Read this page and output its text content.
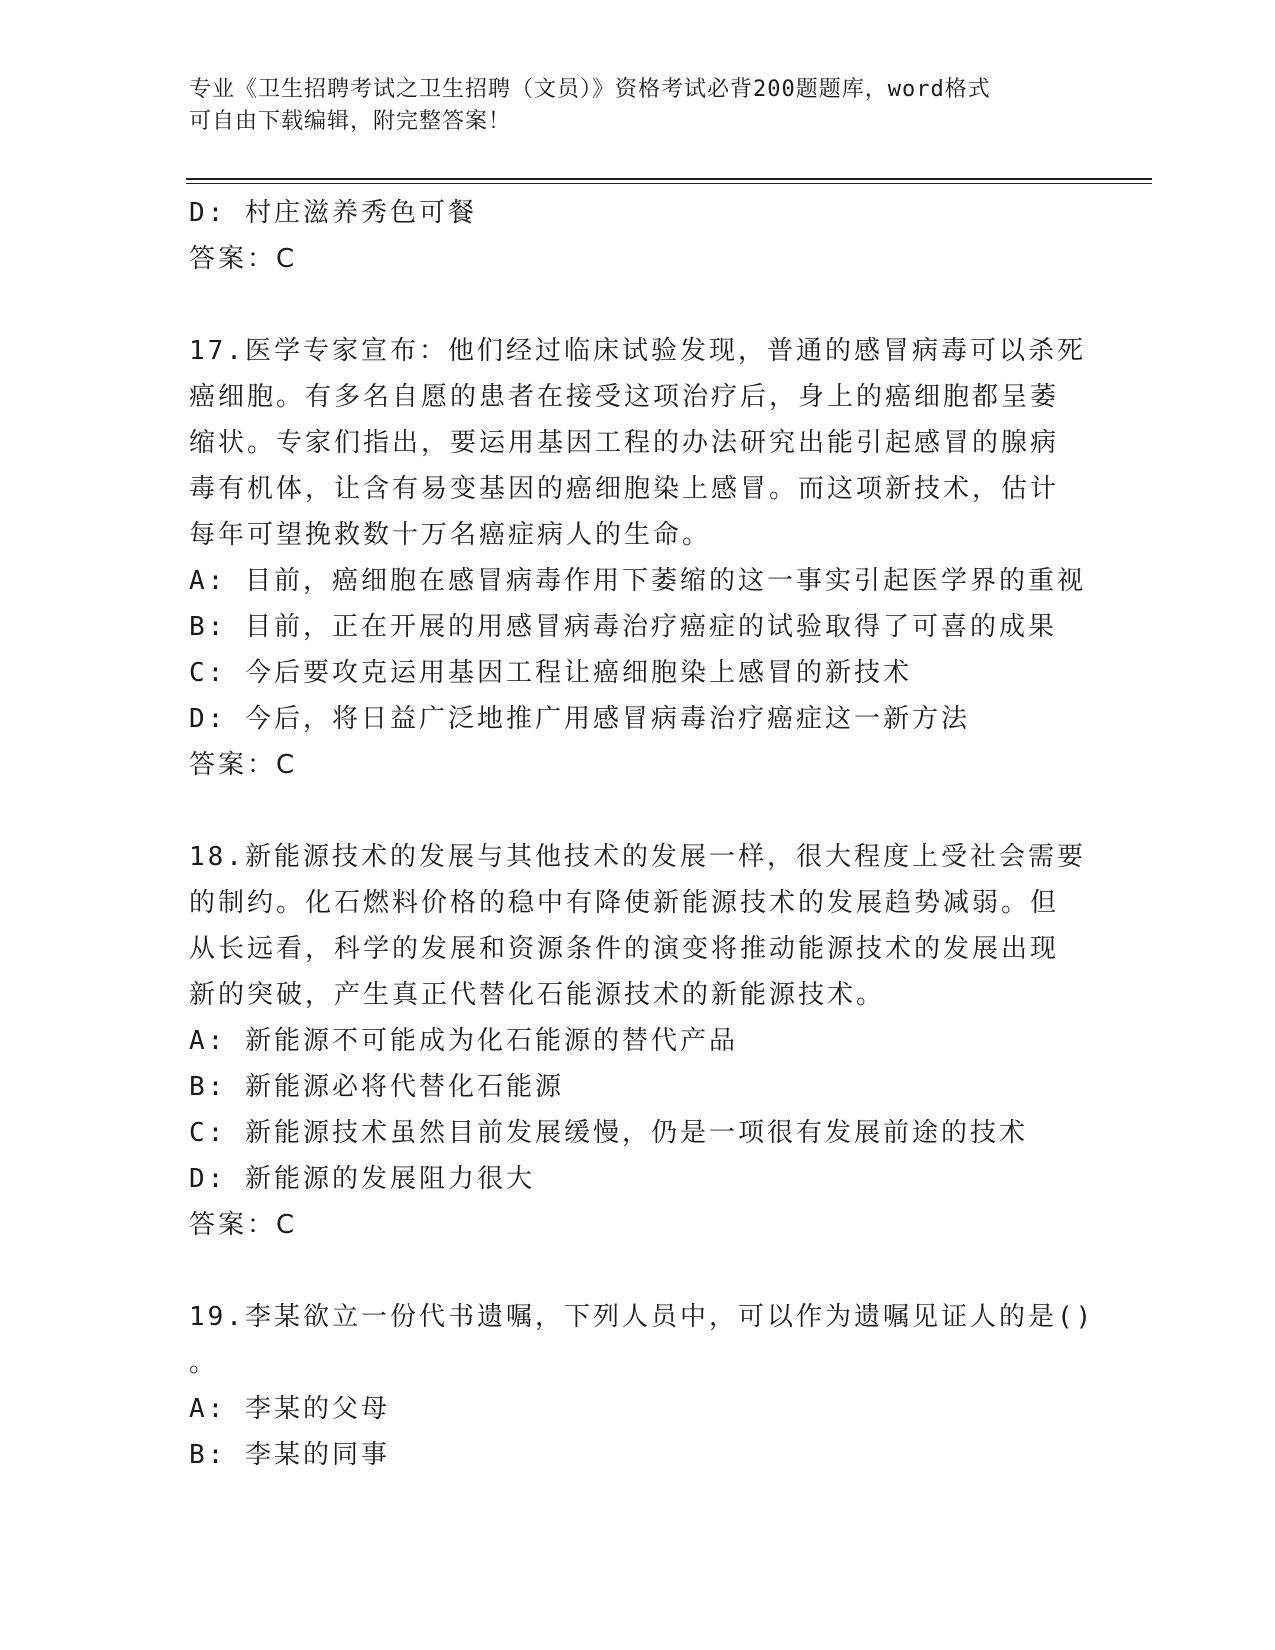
专业《卫生招聘考试之卫生招聘（文员）》资格考试必背200题题库，word格式
可自由下载编辑，附完整答案！
D: 村庄滋养秀色可餐
答案：C
17.医学专家宣布：他们经过临床试验发现，普通的感冒病毒可以杀死
癌细胞。有多名自愿的患者在接受这项治疗后，身上的癌细胞都呈萎
缩状。专家们指出，要运用基因工程的办法研究出能引起感冒的腺病
毒有机体，让含有易变基因的癌细胞染上感冒。而这项新技术，估计
每年可望挽救数十万名癌症病人的生命。
A: 目前，癌细胞在感冒病毒作用下萎缩的这一事实引起医学界的重视
B: 目前，正在开展的用感冒病毒治疗癌症的试验取得了可喜的成果
C: 今后要攻克运用基因工程让癌细胞染上感冒的新技术
D: 今后，将日益广泛地推广用感冒病毒治疗癌症这一新方法
答案：C
18.新能源技术的发展与其他技术的发展一样，很大程度上受社会需要
的制约。化石燃料价格的稳中有降使新能源技术的发展趋势减弱。但
从长远看，科学的发展和资源条件的演变将推动能源技术的发展出现
新的突破，产生真正代替化石能源技术的新能源技术。
A: 新能源不可能成为化石能源的替代产品
B: 新能源必将代替化石能源
C: 新能源技术虽然目前发展缓慢，仍是一项很有发展前途的技术
D: 新能源的发展阻力很大
答案：C
19.李某欲立一份代书遗嘱，下列人员中，可以作为遗嘱见证人的是()
。
A: 李某的父母
B: 李某的同事
